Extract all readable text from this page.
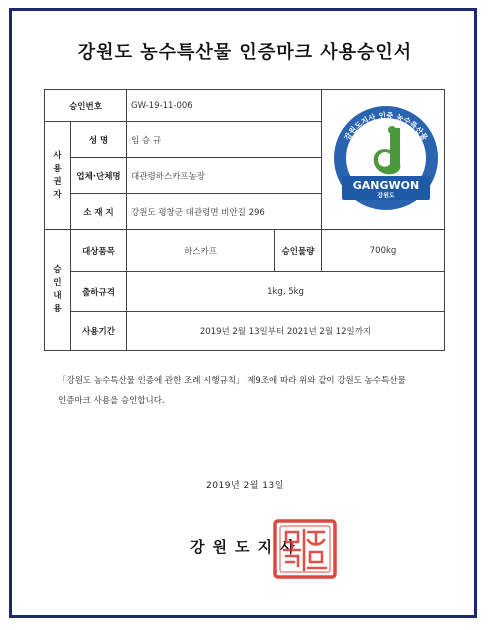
강원도 농수특산물 인증마크 사용승인서
승인번호		GW-19-11-006		강원도지사 인증 농수특산물
GANGWON
강원도

사
용
권
자	성 명	임 승 규		
	업체·단체명	대관령하스카프농장		
	소 재 지	강원도 평창군 대관령면 비안길 296		

승
인
내
용	대상품목	하스카프	승인물량	700kg
	출하규격	1kg, 5kg		
	사용기간	2019년 2월 13일부터 2021년 2월 12일까지		
「강원도 농수특산물 인증에 관한 조례 시행규칙」 제9조에 따라 위와 같이 강원도 농수특산물
인증마크 사용을 승인합니다.
2019년 2월 13일
강원도지사
